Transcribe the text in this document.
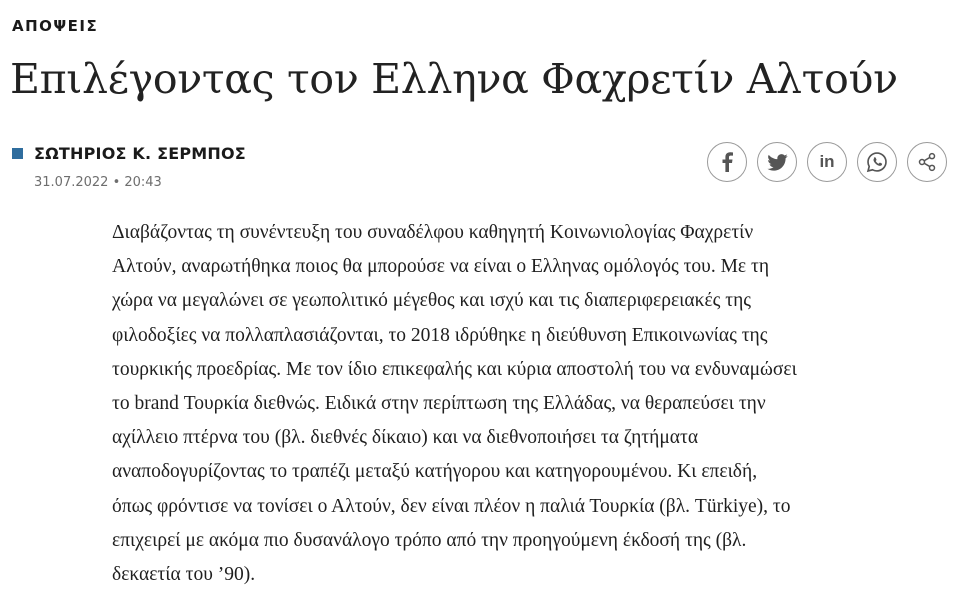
ΑΠΟΨΕΙΣ
Επιλέγοντας τον Ελληνα Φαχρετίν Αλτούν
ΣΩΤΗΡΙΟΣ Κ. ΣΕΡΜΠΟΣ
31.07.2022 • 20:43
in
Διαβάζοντας τη συνέντευξη του συναδέλφου καθηγητή Κοινωνιολογίας Φαχρετίν
Αλτούν, αναρωτήθηκα ποιος θα μπορούσε να είναι ο Ελληνας ομόλογός του. Με τη
χώρα να μεγαλώνει σε γεωπολιτικό μέγεθος και ισχύ και τις διαπεριφερειακές της
φιλοδοξίες να πολλαπλασιάζονται, το 2018 ιδρύθηκε η διεύθυνση Επικοινωνίας της
τουρκικής προεδρίας. Με τον ίδιο επικεφαλής και κύρια αποστολή του να ενδυναμώσει
το brand Τουρκία διεθνώς. Ειδικά στην περίπτωση της Ελλάδας, να θεραπεύσει την
αχίλλειο πτέρνα του (βλ. διεθνές δίκαιο) και να διεθνοποιήσει τα ζητήματα
αναποδογυρίζοντας το τραπέζι μεταξύ κατήγορου και κατηγορουμένου. Κι επειδή,
όπως φρόντισε να τονίσει ο Αλτούν, δεν είναι πλέον η παλιά Τουρκία (βλ. Türkiye), το
επιχειρεί με ακόμα πιο δυσανάλογο τρόπο από την προηγούμενη έκδοσή της (βλ.
δεκαετία του ’90).
